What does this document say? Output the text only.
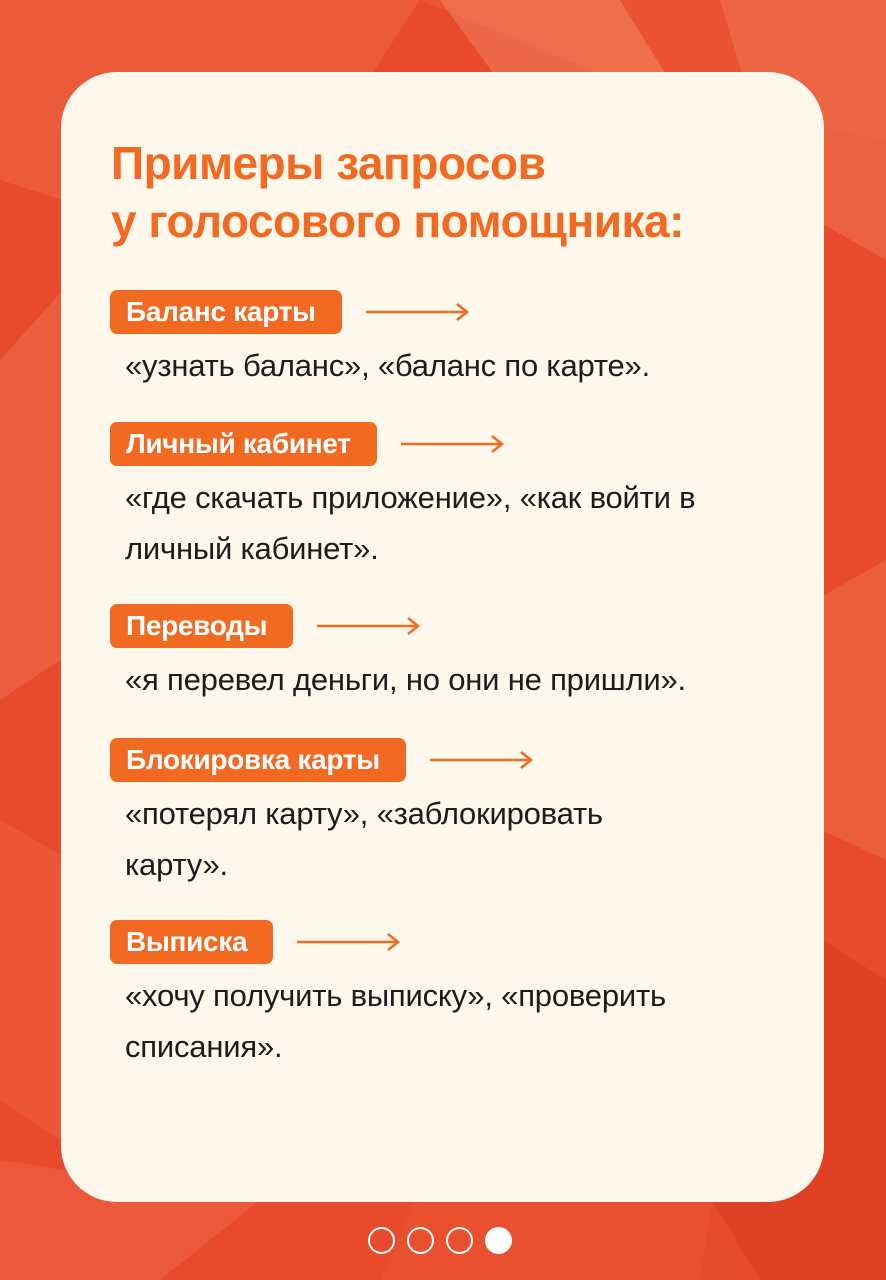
Примеры запросов
у голосового помощника:
Баланс карты
«узнать баланс», «баланс по карте».
Личный кабинет
«где скачать приложение», «как войти в личный кабинет».
Переводы
«я перевел деньги, но они не пришли».
Блокировка карты
«потерял карту», «заблокировать карту».
Выписка
«хочу получить выписку», «проверить списания».
